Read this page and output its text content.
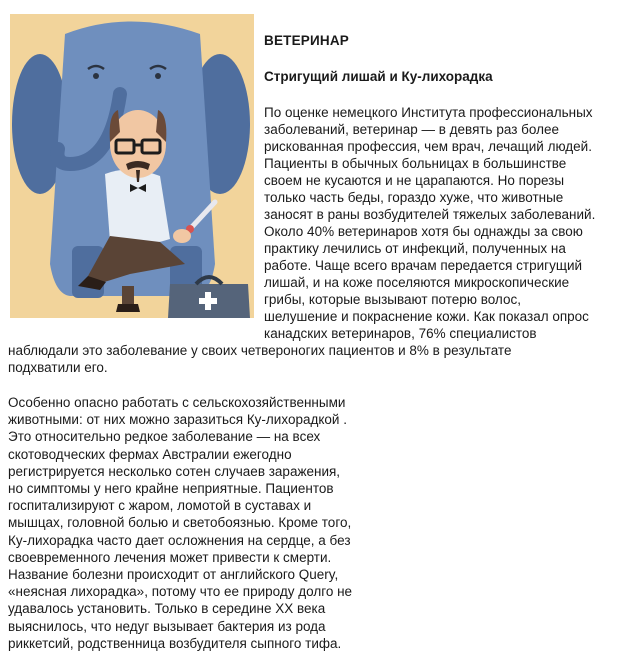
ВЕТЕРИНАР
Стригущий лишай и Ку-лихорадка
По оценке немецкого Института профессиональных
заболеваний, ветеринар — в девять раз более
рискованная профессия, чем врач, лечащий людей.
Пациенты в обычных больницах в большинстве
своем не кусаются и не царапаются. Но порезы
только часть беды, гораздо хуже, что животные
заносят в раны возбудителей тяжелых заболеваний.
Около 40% ветеринаров хотя бы однажды за свою
практику лечились от инфекций, полученных на
работе. Чаще всего врачам передается стригущий
лишай, и на коже поселяются микроскопические
грибы, которые вызывают потерю волос,
шелушение и покраснение кожи. Как показал опрос
канадских ветеринаров, 76% специалистов
наблюдали это заболевание у своих четвероногих пациентов и 8% в результате
подхватили его.
Особенно опасно работать с сельскохозяйственными
животными: от них можно заразиться Ку-лихорадкой .
Это относительно редкое заболевание — на всех
скотоводческих фермах Австралии ежегодно
регистрируется несколько сотен случаев заражения,
но симптомы у него крайне неприятные. Пациентов
госпитализируют с жаром, ломотой в суставах и
мышцах, головной болью и светобоязнью. Кроме того,
Ку-лихорадка часто дает осложнения на сердце, а без
своевременного лечения может привести к смерти.
Название болезни происходит от английского Query,
«неясная лихорадка», потому что ее природу долго не
удавалось установить. Только в середине XX века
выяснилось, что недуг вызывает бактерия из рода
риккетсий, родственница возбудителя сыпного тифа.
